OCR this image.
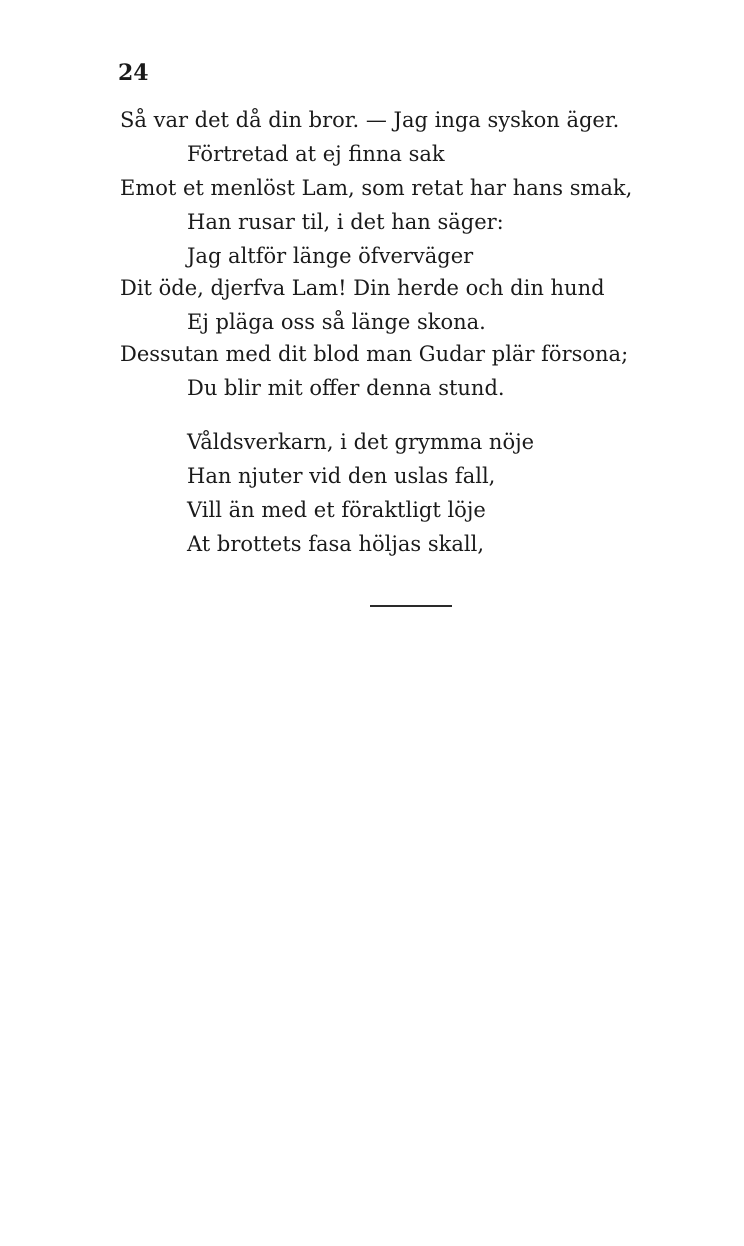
24
Så var det då din bror. — Jag inga syskon äger.
Förtretad at ej finna sak
Emot et menlöst Lam, som retat har hans smak,
Han rusar til, i det han säger:
Jag altför länge öfverväger
Dit öde, djerfva Lam! Din herde och din hund
Ej pläga oss så länge skona.
Dessutan med dit blod man Gudar plär försona;
Du blir mit offer denna stund.
Våldsverkarn, i det grymma nöje
Han njuter vid den uslas fall,
Vill än med et föraktligt löje
At brottets fasa höljas skall,
